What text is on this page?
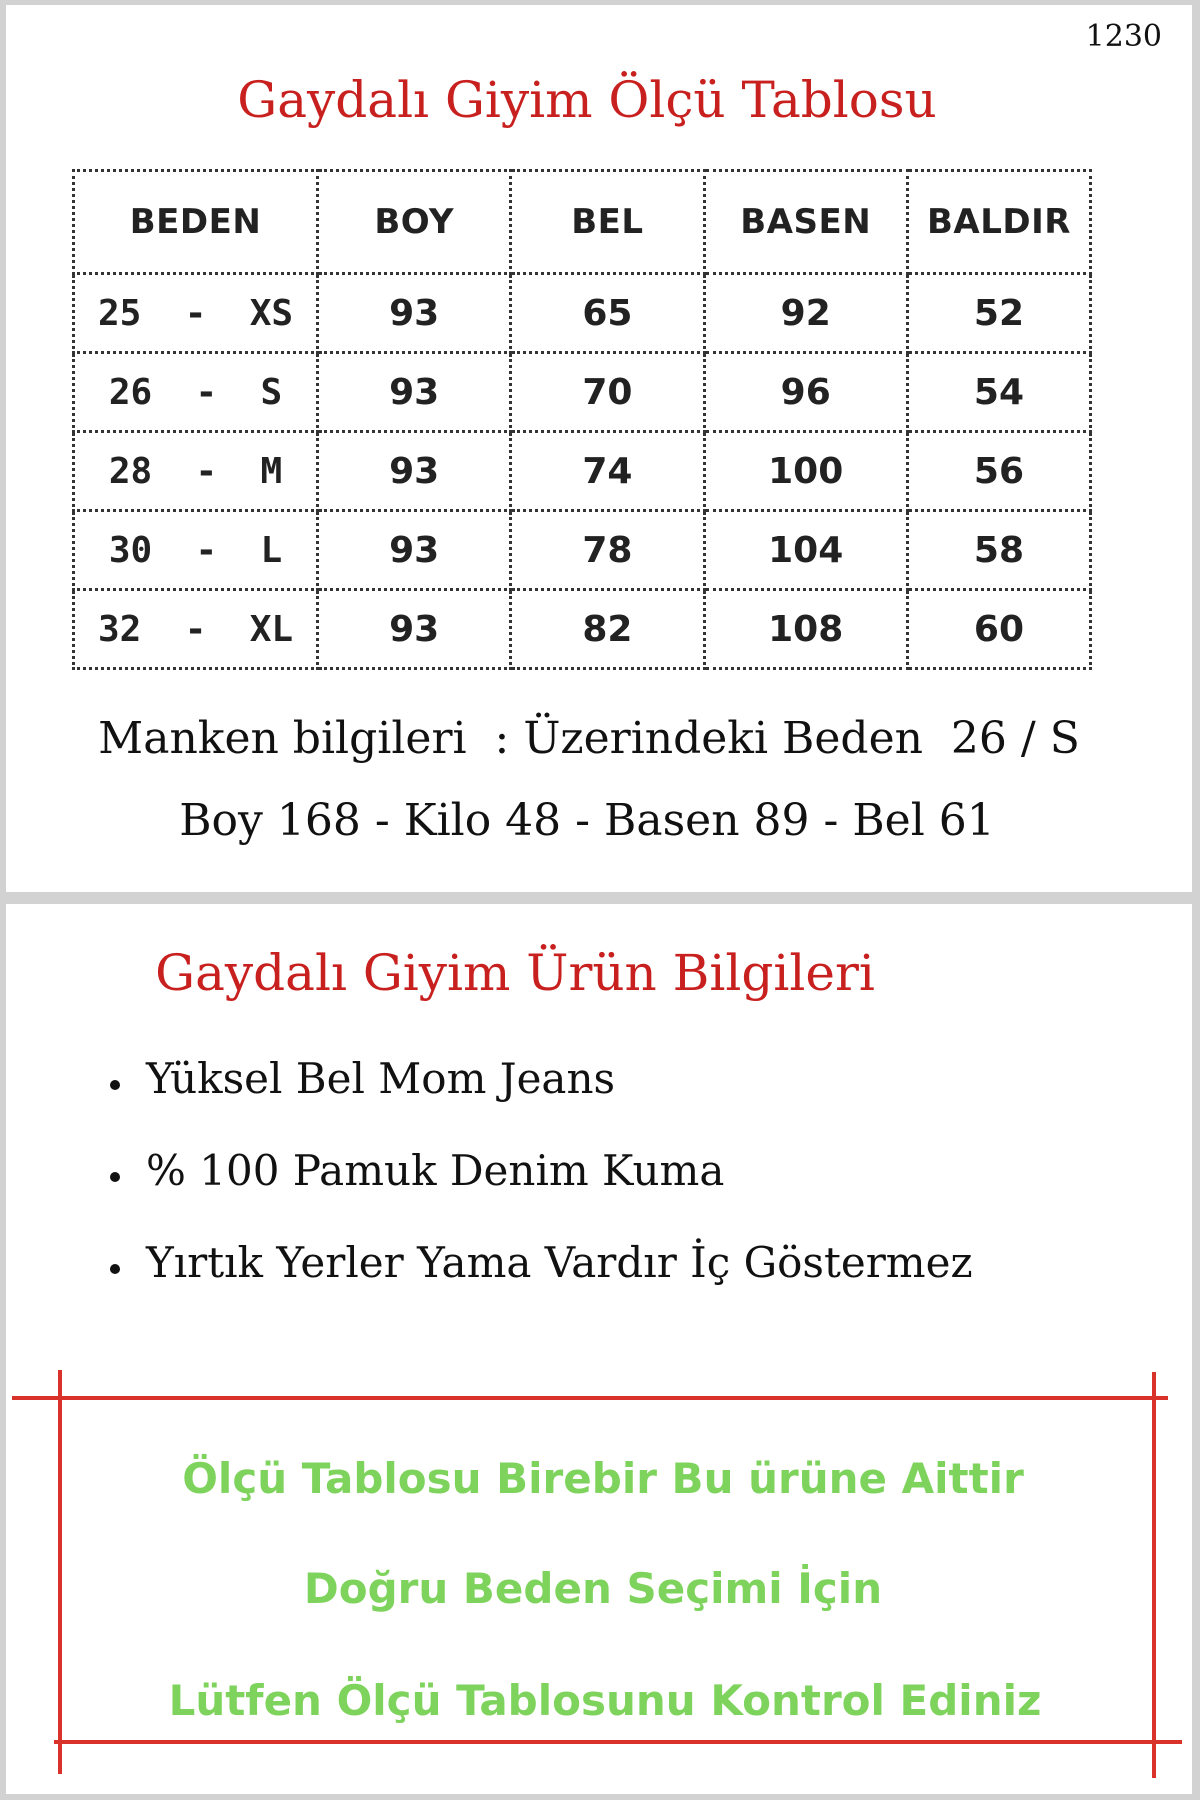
1230
Gaydalı Giyim Ölçü Tablosu
BEDEN	BOY	BEL	BASEN	BALDIR
25  -  XS	93	65	92	52
26  -  S	93	70	96	54
28  -  M	93	74	100	56
30  -  L	93	78	104	58
32  -  XL	93	82	108	60
Manken bilgileri  : Üzerindeki Beden  26 / S
Boy 168 - Kilo 48 - Basen 89 - Bel 61
Gaydalı Giyim Ürün Bilgileri
Yüksel Bel Mom Jeans
% 100 Pamuk Denim Kuma
Yırtık Yerler Yama Vardır İç Göstermez
Ölçü Tablosu Birebir Bu ürüne Aittir
Doğru Beden Seçimi İçin
Lütfen Ölçü Tablosunu Kontrol Ediniz
